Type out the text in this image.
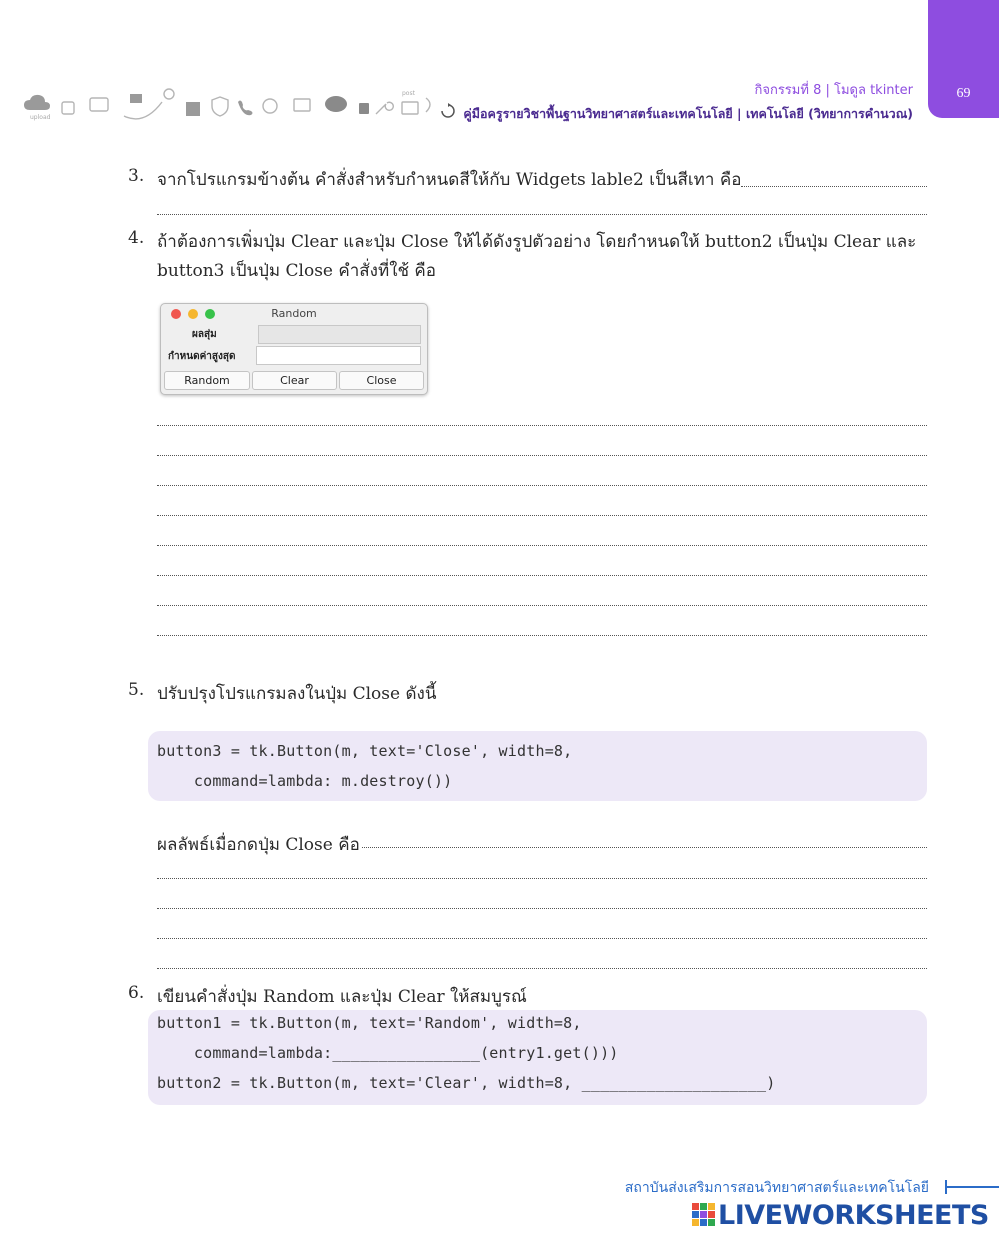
69
กิจกรรมที่ 8 | โมดูล tkinter
คู่มือครูรายวิชาพื้นฐานวิทยาศาสตร์และเทคโนโลยี | เทคโนโลยี (วิทยาการคำนวณ)
upload
post
3. จากโปรแกรมข้างต้น คำสั่งสำหรับกำหนดสีให้กับ Widgets lable2 เป็นสีเทา คือ
4. ถ้าต้องการเพิ่มปุ่ม Clear และปุ่ม Close ให้ได้ดังรูปตัวอย่าง โดยกำหนดให้ button2 เป็นปุ่ม Clear และ
button3 เป็นปุ่ม Close คำสั่งที่ใช้ คือ
Random
ผลสุ่ม
กำหนดค่าสูงสุด
Random	Clear	Close
5. ปรับปรุงโปรแกรมลงในปุ่ม Close ดังนี้
button3 = tk.Button(m, text='Close', width=8,
command=lambda: m.destroy())
ผลลัพธ์เมื่อกดปุ่ม Close คือ
6. เขียนคำสั่งปุ่ม Random และปุ่ม Clear ให้สมบูรณ์
button1 = tk.Button(m, text='Random', width=8,
command=lambda:________________(entry1.get()))
button2 = tk.Button(m, text='Clear', width=8, ____________________)
สถาบันส่งเสริมการสอนวิทยาศาสตร์และเทคโนโลยี
LIVEWORKSHEETS
